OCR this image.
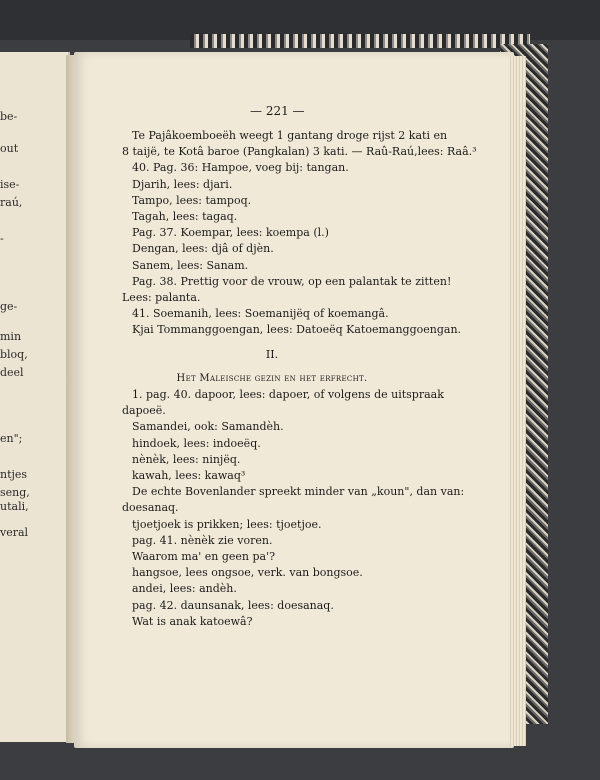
be-
out
ise-
raú,
-
ge-
min
bloq,
deel
en";
ntjes
seng,
utali,
veral
— 221 —
Te Pajâkoemboeëh weegt 1 gantang droge rijst 2 kati en
8 taijë, te Kotâ baroe (Pangkalan) 3 kati. — Raû-Raú,lees: Raâ.³
40. Pag. 36: Hampoe, voeg bij: tangan.
Djarih, lees: djari.
Tampo, lees: tampoq.
Tagah, lees: tagaq.
Pag. 37. Koempar, lees: koempa (l.)
Dengan, lees: djâ of djèn.
Sanem, lees: Sanam.
Pag. 38. Prettig voor de vrouw, op een palantak te zitten!
Lees: palanta.
41. Soemanih, lees: Soemanijëq of koemangâ.
Kjai Tommanggoengan, lees: Datoeëq Katoemanggoengan.
II.
Het Maleische gezin en het erfrecht.
1. pag. 40. dapoor, lees: dapoer, of volgens de uitspraak
dapoeë.
Samandei, ook: Samandèh.
hindoek, lees: indoeëq.
nènèk, lees: ninjëq.
kawah, lees: kawaq³
De echte Bovenlander spreekt minder van „koun", dan van:
doesanaq.
tjoetjoek is prikken; lees: tjoetjoe.
pag. 41. nènèk zie voren.
Waarom ma' en geen pa'?
hangsoe, lees ongsoe, verk. van bongsoe.
andei, lees: andèh.
pag. 42. daunsanak, lees: doesanaq.
Wat is anak katoewâ?
